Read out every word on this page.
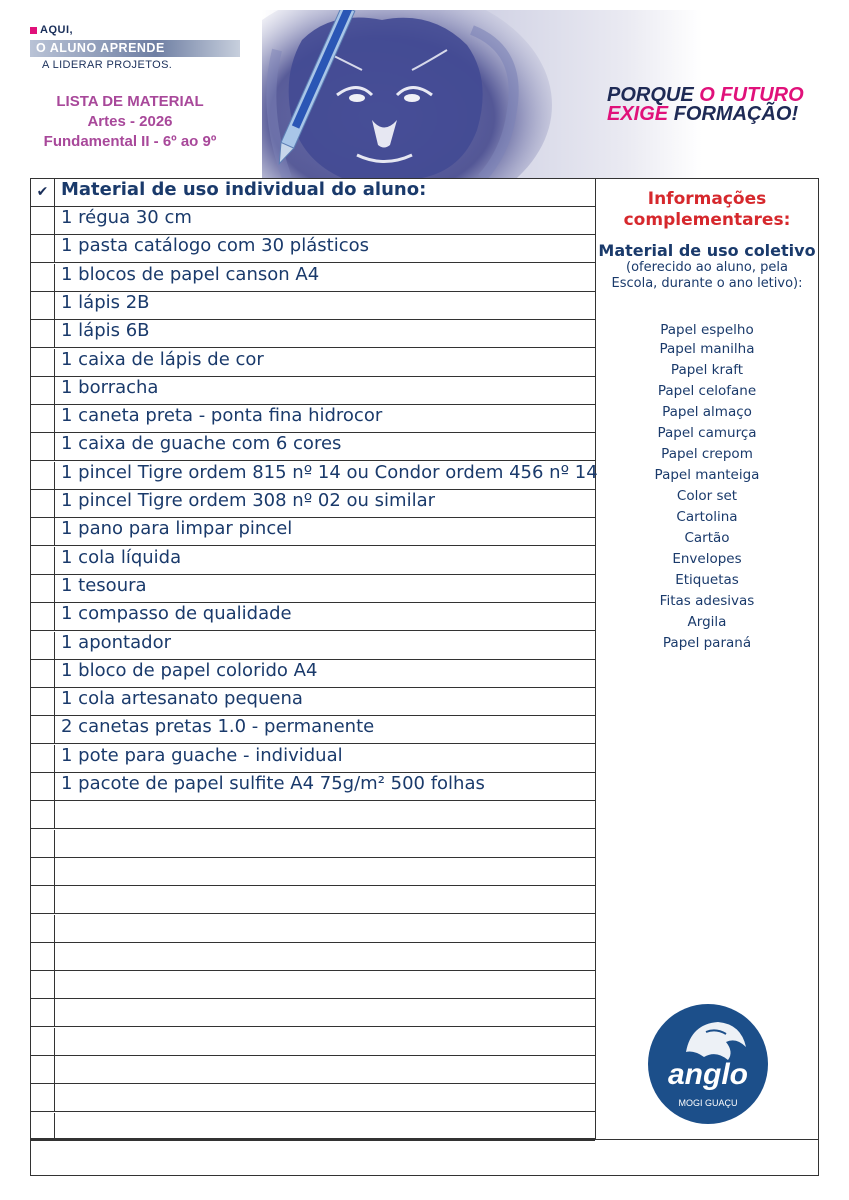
AQUI,
O ALUNO APRENDE
A LIDERAR PROJETOS.
LISTA DE MATERIAL
Artes - 2026
Fundamental II - 6º ao 9º
PORQUE O FUTURO
EXIGE FORMAÇÃO!
✔ Material de uso individual do aluno:
1 régua 30 cm
1 pasta catálogo com 30 plásticos
1 blocos de papel canson A4
1 lápis 2B
1 lápis 6B
1 caixa de lápis de cor
1 borracha
1 caneta preta - ponta fina hidrocor
1 caixa de guache com 6 cores
1 pincel Tigre ordem 815 nº 14 ou Condor ordem 456 nº 14
1 pincel Tigre ordem 308 nº 02 ou similar
1 pano para limpar pincel
1 cola líquida
1 tesoura
1 compasso de qualidade
1 apontador
1 bloco de papel colorido A4
1 cola artesanato pequena
2 canetas pretas 1.0 - permanente
1 pote para guache - individual
1 pacote de papel sulfite A4 75g/m² 500 folhas
Informações
complementares:
Material de uso coletivo
(oferecido ao aluno, pela
Escola, durante o ano letivo):
Papel espelho
Papel manilha
Papel kraft
Papel celofane
Papel almaço
Papel camurça
Papel crepom
Papel manteiga
Color set
Cartolina
Cartão
Envelopes
Etiquetas
Fitas adesivas
Argila
Papel paraná
anglo
MOGI GUAÇU
